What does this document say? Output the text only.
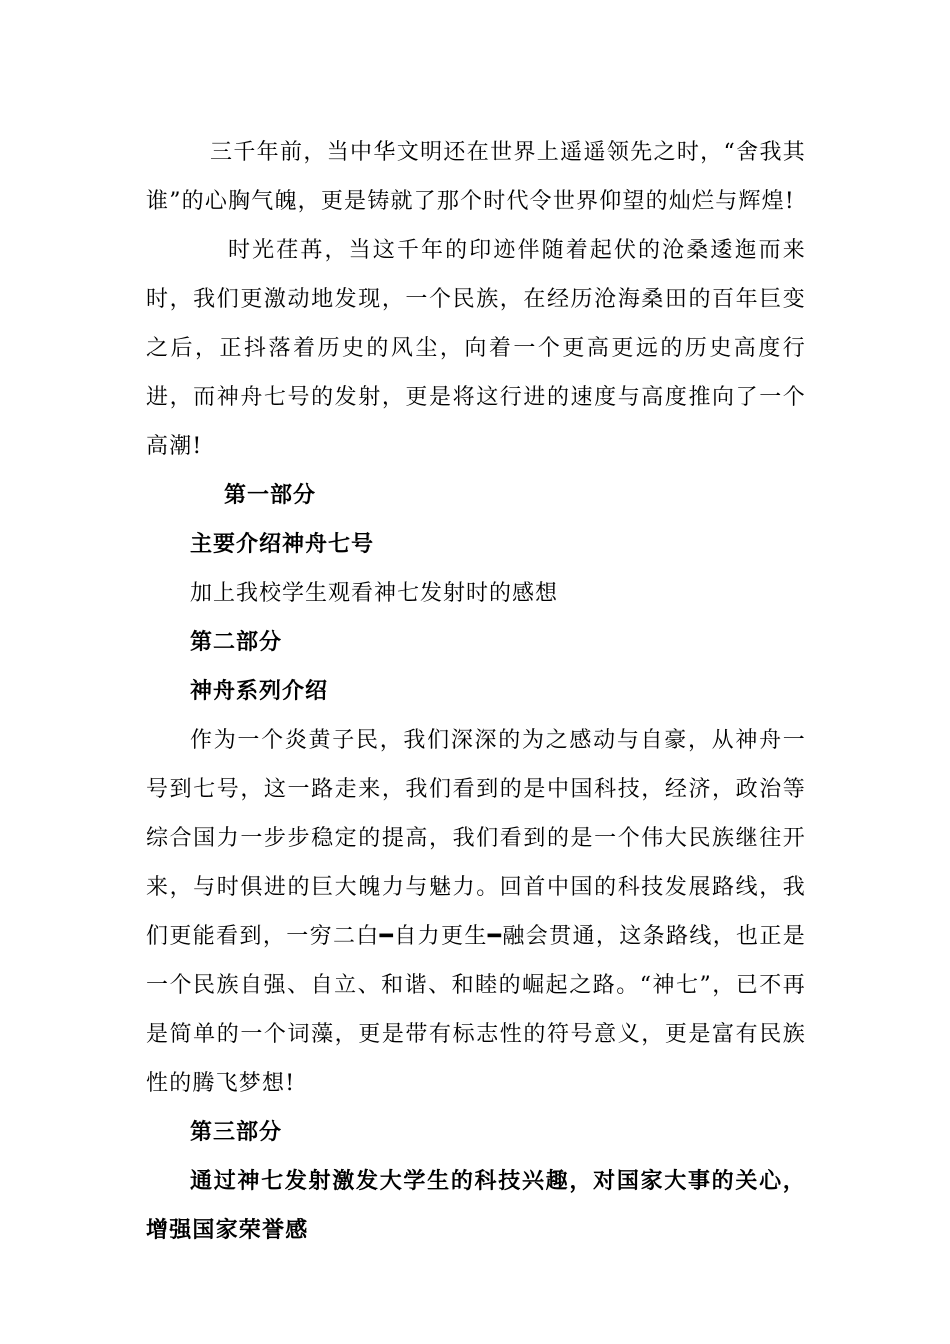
三千年前，当中华文明还在世界上遥遥领先之时，“舍我其谁”的心胸气魄，更是铸就了那个时代令世界仰望的灿烂与辉煌!

时光荏苒，当这千年的印迹伴随着起伏的沧桑逶迤而来时，我们更激动地发现，一个民族，在经历沧海桑田的百年巨变之后，正抖落着历史的风尘，向着一个更高更远的历史高度行进，而神舟七号的发射，更是将这行进的速度与高度推向了一个高潮!

第一部分

主要介绍神舟七号

加上我校学生观看神七发射时的感想

第二部分

神舟系列介绍

作为一个炎黄子民，我们深深的为之感动与自豪，从神舟一号到七号，这一路走来，我们看到的是中国科技，经济，政治等综合国力一步步稳定的提高，我们看到的是一个伟大民族继往开来，与时俱进的巨大魄力与魅力。回首中国的科技发展路线，我们更能看到，一穷二白━自力更生━融会贯通，这条路线，也正是一个民族自强、自立、和谐、和睦的崛起之路。“神七”，已不再是简单的一个词藻，更是带有标志性的符号意义，更是富有民族性的腾飞梦想!

第三部分

通过神七发射激发大学生的科技兴趣，对国家大事的关心，增强国家荣誉感
